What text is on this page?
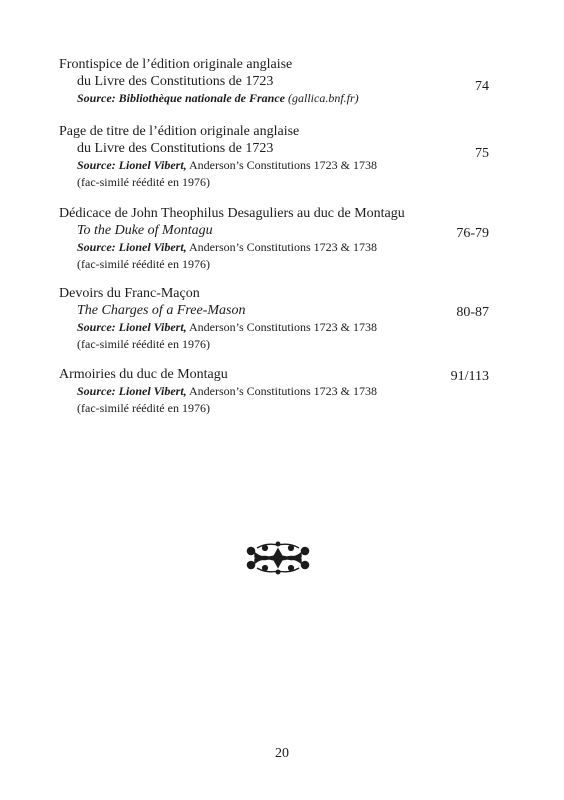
Frontispice de l’édition originale anglaise
du Livre des Constitutions de 1723	74
Source: Bibliothèque nationale de France (gallica.bnf.fr)
Page de titre de l’édition originale anglaise
du Livre des Constitutions de 1723	75
Source: Lionel Vibert, Anderson’s Constitutions 1723 & 1738
(fac-similé réédité en 1976)
Dédicace de John Theophilus Desaguliers au duc de Montagu
To the Duke of Montagu	76-79
Source: Lionel Vibert, Anderson’s Constitutions 1723 & 1738
(fac-similé réédité en 1976)
Devoirs du Franc-Maçon
The Charges of a Free-Mason	80-87
Source: Lionel Vibert, Anderson’s Constitutions 1723 & 1738
(fac-similé réédité en 1976)
Armoiries du duc de Montagu	91/113
Source: Lionel Vibert, Anderson’s Constitutions 1723 & 1738
(fac-similé réédité en 1976)
20
